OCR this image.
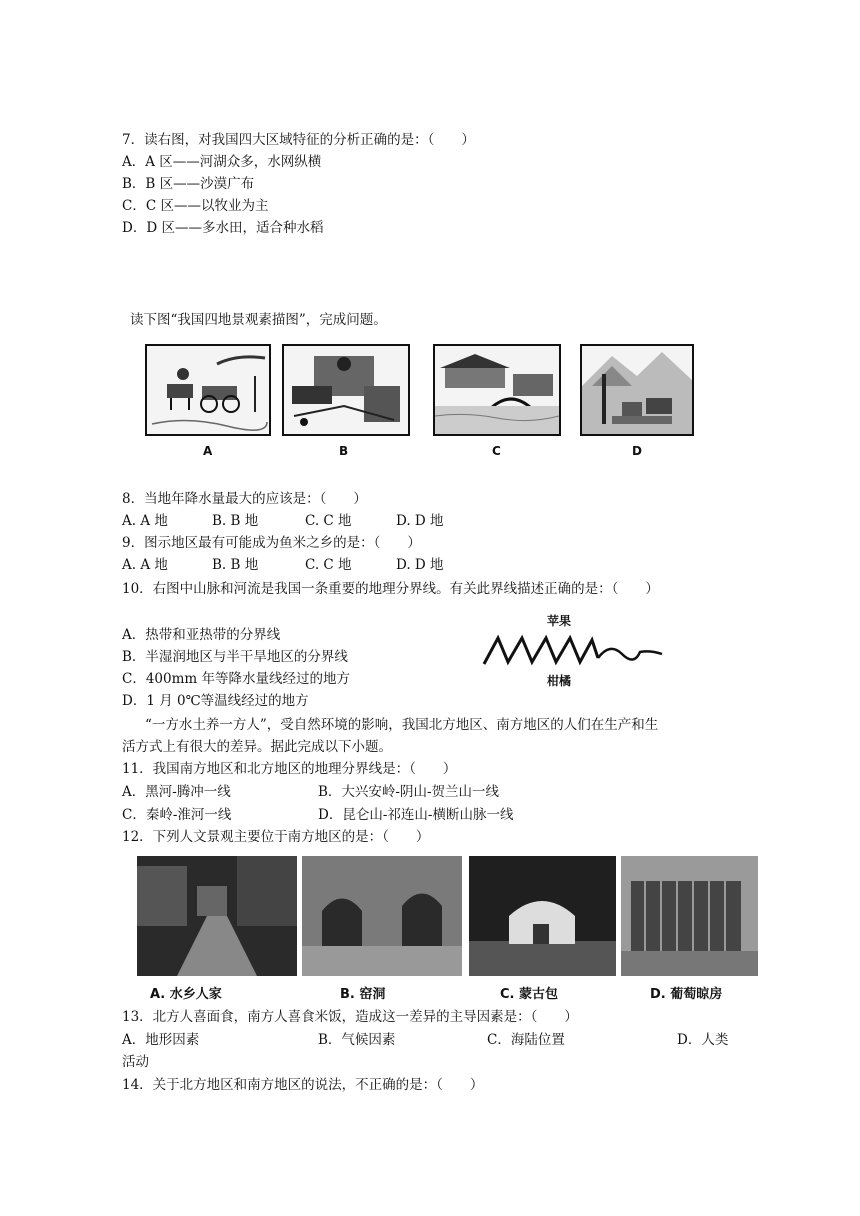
7．读右图，对我国四大区域特征的分析正确的是：（　　）
A．A 区——河湖众多，水网纵横
B．B 区——沙漠广布
C．C 区——以牧业为主
D．D 区——多水田，适合种水稻
读下图“我国四地景观素描图”，完成问题。
A	B	C	D
8．当地年降水量最大的应该是：（　　）
A. A 地	B. B 地	C. C 地	D. D 地
9．图示地区最有可能成为鱼米之乡的是：（　　）
A. A 地	B. B 地	C. C 地	D. D 地
10．右图中山脉和河流是我国一条重要的地理分界线。有关此界线描述正确的是：（　　）
A．热带和亚热带的分界线
B．半湿润地区与半干旱地区的分界线
C．400mm 年等降水量线经过的地方
D．1 月 0℃等温线经过的地方
苹果
柑橘
“一方水土养一方人”，受自然环境的影响，我国北方地区、南方地区的人们在生产和生
活方式上有很大的差异。据此完成以下小题。
11．我国南方地区和北方地区的地理分界线是：（　　）
A．黑河-腾冲一线	B．大兴安岭-阴山-贺兰山一线
C．秦岭-淮河一线	D．昆仑山-祁连山-横断山脉一线
12．下列人文景观主要位于南方地区的是：（　　）
A. 水乡人家	B. 窑洞	C. 蒙古包	D. 葡萄晾房
13．北方人喜面食，南方人喜食米饭，造成这一差异的主导因素是：（　　）
A．地形因素	B．气候因素	C．海陆位置	D．人类
活动
14．关于北方地区和南方地区的说法，不正确的是：（　　）
